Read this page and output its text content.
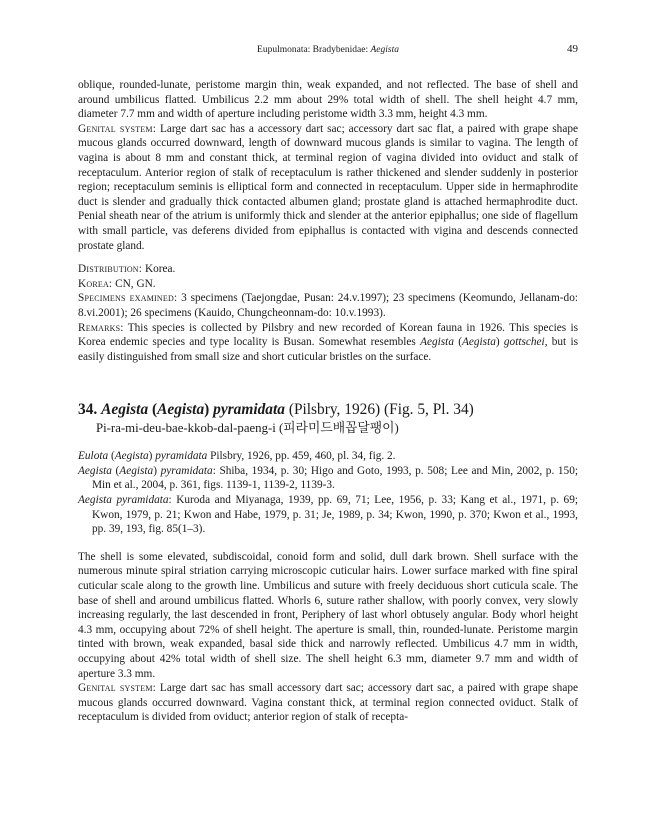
Eupulmonata: Bradybenidae: Aegista	49

oblique, rounded-lunate, peristome margin thin, weak expanded, and not reflected. The base of shell and around umbilicus flatted. Umbilicus 2.2 mm about 29% total width of shell. The shell height 4.7 mm, diameter 7.7 mm and width of aperture including peristome width 3.3 mm, height 4.3 mm.

Genital system: Large dart sac has a accessory dart sac; accessory dart sac flat, a paired with grape shape mucous glands occurred downward, length of downward mucous glands is similar to vagina. The length of vagina is about 8 mm and constant thick, at terminal region of vagina divided into oviduct and stalk of receptaculum. Anterior region of stalk of receptaculum is rather thickened and slender suddenly in posterior region; receptaculum seminis is elliptical form and connected in receptaculum. Upper side in hermaphrodite duct is slender and gradually thick contacted albumen gland; prostate gland is attached hermaphrodite duct. Penial sheath near of the atrium is uniformly thick and slender at the anterior epiphallus; one side of flagellum with small particle, vas deferens divided from epiphallus is contacted with vigina and descends connected prostate gland.

Distribution: Korea.

Korea: CN, GN.

Specimens examined: 3 specimens (Taejongdae, Pusan: 24.v.1997); 23 specimens (Keomundo, Jellanam-do: 8.vi.2001); 26 specimens (Kauido, Chungcheonnam-do: 10.v.1993).

Remarks: This species is collected by Pilsbry and new recorded of Korean fauna in 1926. This species is Korea endemic species and type locality is Busan. Somewhat resembles Aegista (Aegista) gottschei, but is easily distinguished from small size and short cuticular bristles on the surface.

34. Aegista (Aegista) pyramidata (Pilsbry, 1926) (Fig. 5, Pl. 34)
Pi-ra-mi-deu-bae-kkob-dal-paeng-i (피라미드배꼽달팽이)

Eulota (Aegista) pyramidata Pilsbry, 1926, pp. 459, 460, pl. 34, fig. 2.

Aegista (Aegista) pyramidata: Shiba, 1934, p. 30; Higo and Goto, 1993, p. 508; Lee and Min, 2002, p. 150; Min et al., 2004, p. 361, figs. 1139-1, 1139-2, 1139-3.

Aegista pyramidata: Kuroda and Miyanaga, 1939, pp. 69, 71; Lee, 1956, p. 33; Kang et al., 1971, p. 69; Kwon, 1979, p. 21; Kwon and Habe, 1979, p. 31; Je, 1989, p. 34; Kwon, 1990, p. 370; Kwon et al., 1993, pp. 39, 193, fig. 85(1–3).

The shell is some elevated, subdiscoidal, conoid form and solid, dull dark brown. Shell surface with the numerous minute spiral striation carrying microscopic cuticular hairs. Lower surface marked with fine spiral cuticular scale along to the growth line. Umbilicus and suture with freely deciduous short cuticula scale. The base of shell and around umbilicus flatted. Whorls 6, suture rather shallow, with poorly convex, very slowly increasing regularly, the last descended in front, Periphery of last whorl obtusely angular. Body whorl height 4.3 mm, occupying about 72% of shell height. The aperture is small, thin, rounded-lunate. Peristome margin tinted with brown, weak expanded, basal side thick and narrowly reflected. Umbilicus 4.7 mm in width, occupying about 42% total width of shell size. The shell height 6.3 mm, diameter 9.7 mm and width of aperture 3.3 mm.

Genital system: Large dart sac has small accessory dart sac; accessory dart sac, a paired with grape shape mucous glands occurred downward. Vagina constant thick, at terminal region connected oviduct. Stalk of receptaculum is divided from oviduct; anterior region of stalk of recepta-
